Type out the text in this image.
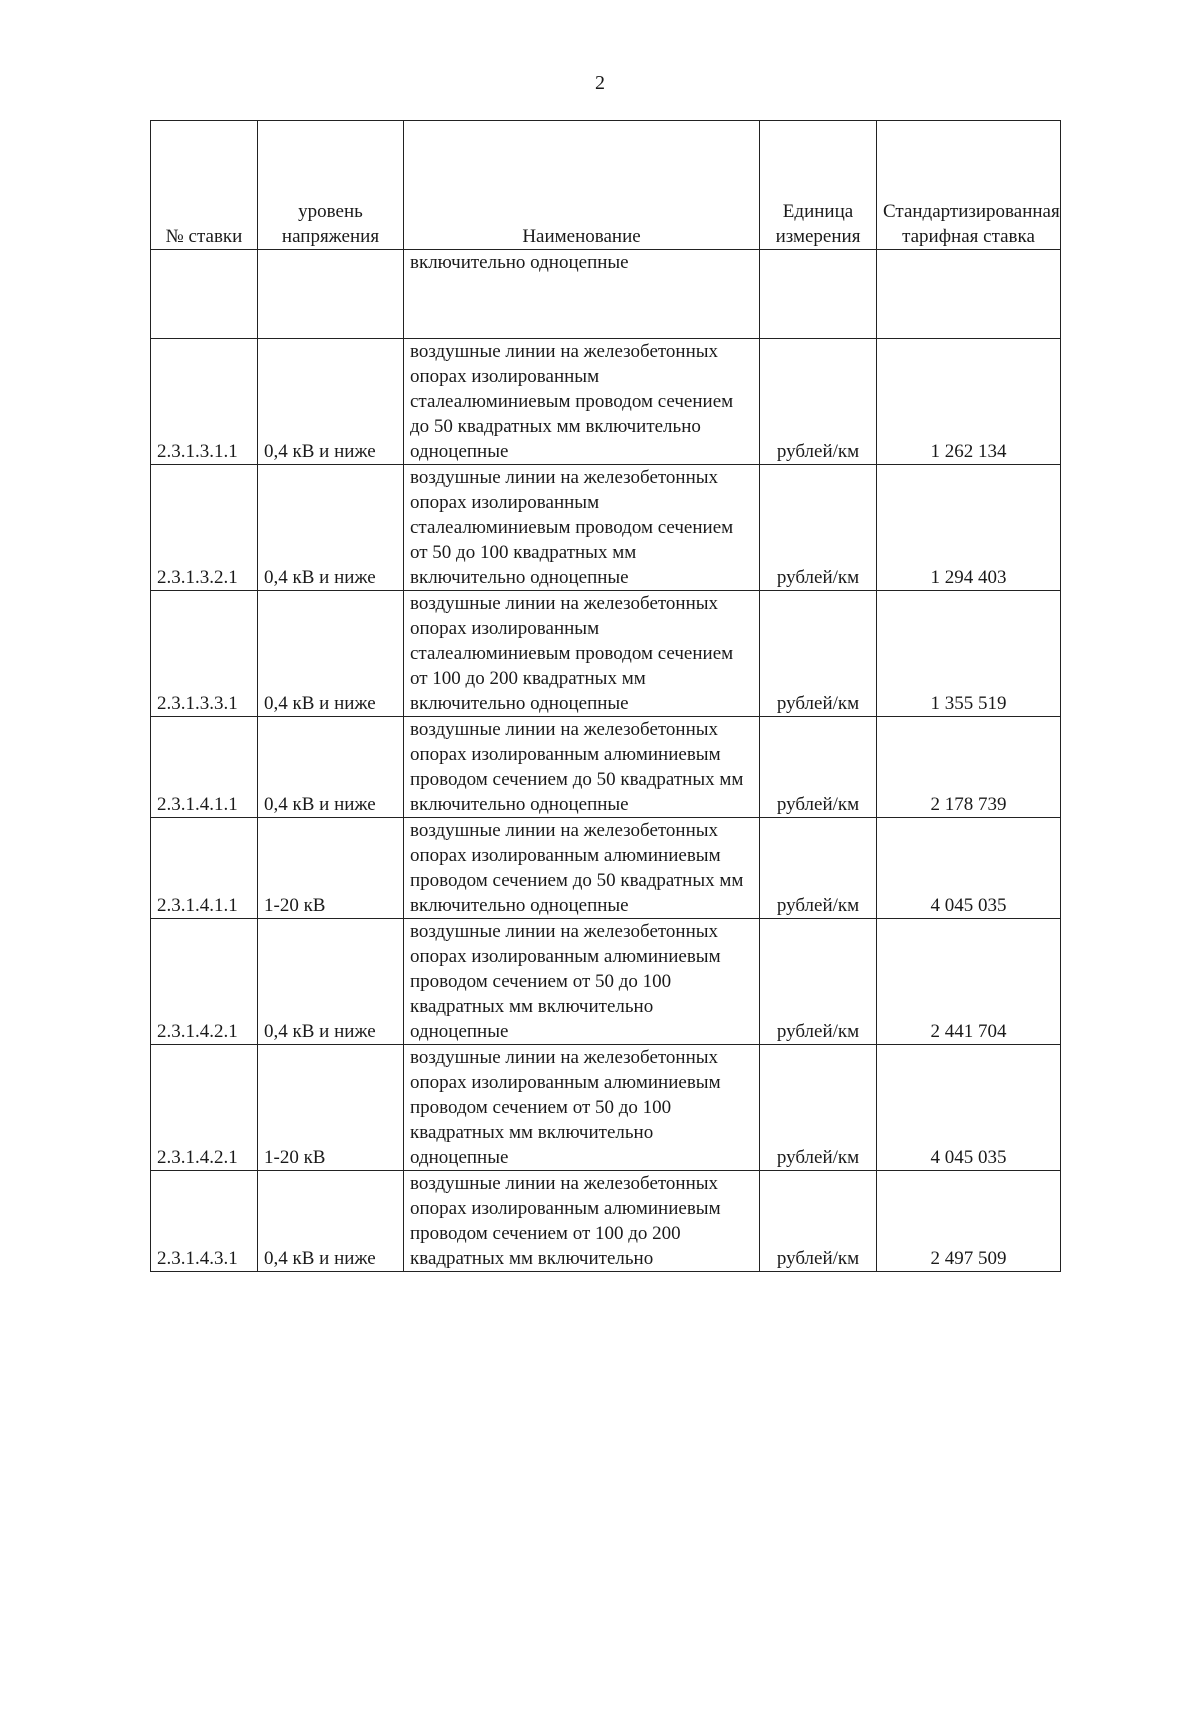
2
№ ставки	уровень напряжения	Наименование	Единица измерения	Стандартизированная тарифная ставка
		включительно одноцепные		
2.3.1.3.1.1	0,4 кВ и ниже	воздушные линии на железобетонных опорах изолированным сталеалюминиевым проводом сечением до 50 квадратных мм включительно одноцепные	рублей/км	1 262 134
2.3.1.3.2.1	0,4 кВ и ниже	воздушные линии на железобетонных опорах изолированным сталеалюминиевым проводом сечением от 50 до 100 квадратных мм включительно одноцепные	рублей/км	1 294 403
2.3.1.3.3.1	0,4 кВ и ниже	воздушные линии на железобетонных опорах изолированным сталеалюминиевым проводом сечением от 100 до 200 квадратных мм включительно одноцепные	рублей/км	1 355 519
2.3.1.4.1.1	0,4 кВ и ниже	воздушные линии на железобетонных опорах изолированным алюминиевым проводом сечением до 50 квадратных мм включительно одноцепные	рублей/км	2 178 739
2.3.1.4.1.1	1-20 кВ	воздушные линии на железобетонных опорах изолированным алюминиевым проводом сечением до 50 квадратных мм включительно одноцепные	рублей/км	4 045 035
2.3.1.4.2.1	0,4 кВ и ниже	воздушные линии на железобетонных опорах изолированным алюминиевым проводом сечением от 50 до 100 квадратных мм включительно одноцепные	рублей/км	2 441 704
2.3.1.4.2.1	1-20 кВ	воздушные линии на железобетонных опорах изолированным алюминиевым проводом сечением от 50 до 100 квадратных мм включительно одноцепные	рублей/км	4 045 035
2.3.1.4.3.1	0,4 кВ и ниже	воздушные линии на железобетонных опорах изолированным алюминиевым проводом сечением от 100 до 200 квадратных мм включительно	рублей/км	2 497 509
